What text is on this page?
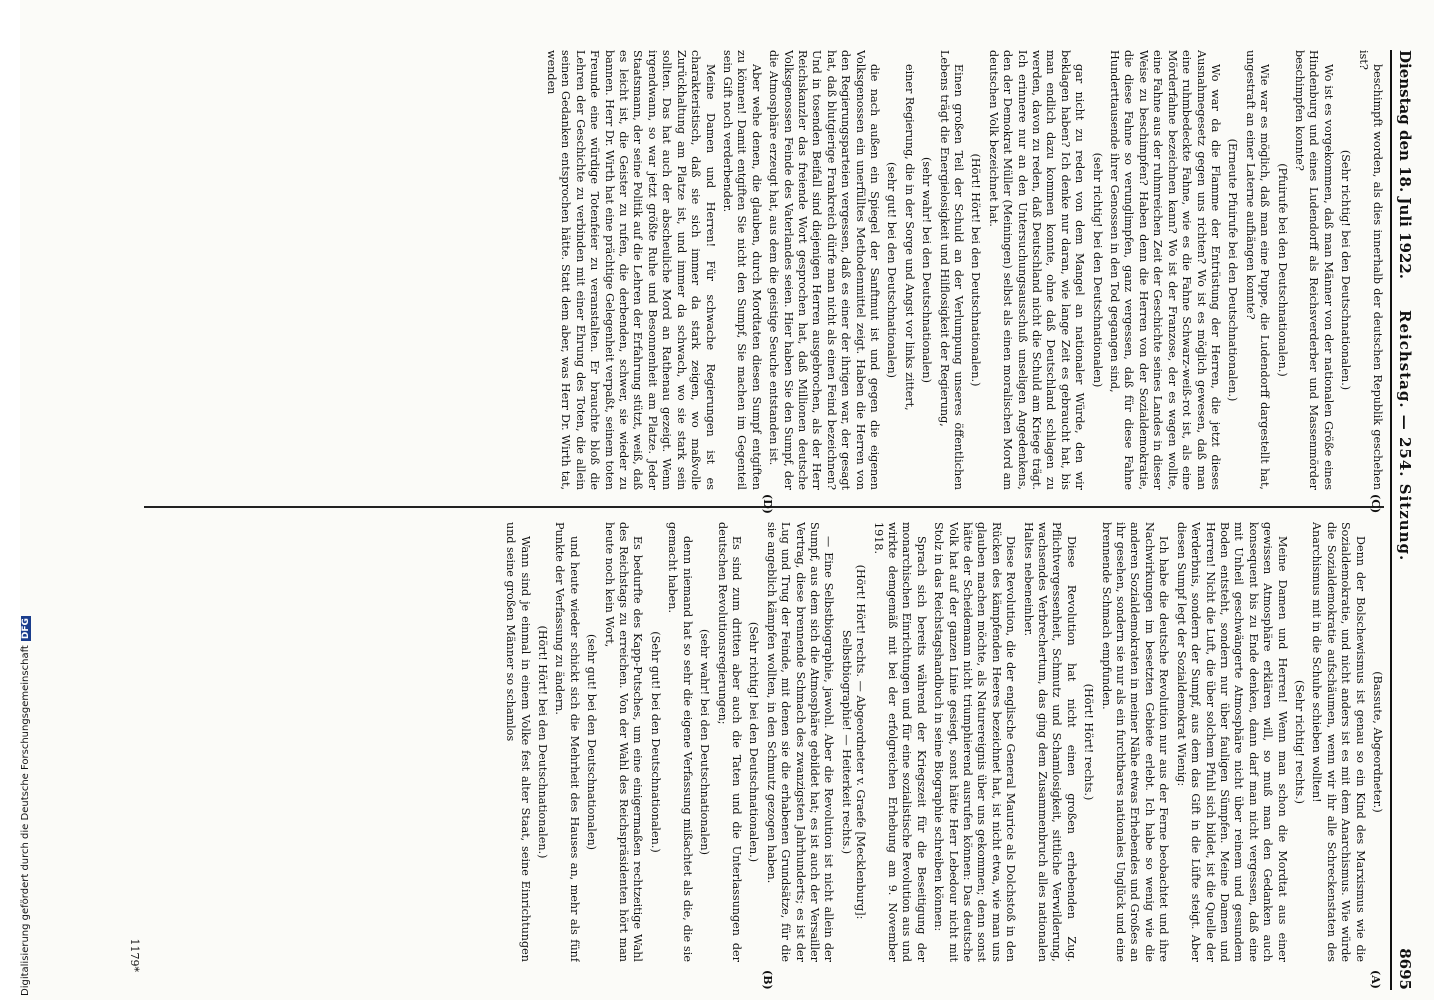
Digitalisierung gefördert durch die Deutsche ForschungsgemeinschaftDFG
Dienstag den 18. Juli 1922.
Reichstag. — 254. Sitzung.
8695

beschimpft worden, als dies innerhalb der deutschen Republik geschehen ist?

(Sehr richtig! bei den Deutschnationalen.)

Wo ist es vorgekommen, daß man Männer von der nationalen Größe eines Hindenburg und eines Ludendorff als Reichsverderber und Massenmörder beschimpfen konnte?

(Pfuirufe bei den Deutschnationalen.)

Wie war es möglich, daß man eine Puppe, die Ludendorff dargestellt hat, ungestraft an einer Laterne aufhängen konnte?

(Erneute Pfuirufe bei den Deutschnationalen.)

Wo war da die Flamme der Entrüstung der Herren, die jetzt dieses Ausnahmegesetz gegen uns richten? Wo ist es möglich gewesen, daß man eine ruhmbedeckte Fahne, wie es die Fahne Schwarz-weiß-rot ist, als eine Mörderfahne bezeichnen kann? Wo ist der Franzose, der es wagen wollte, eine Fahne aus der ruhmreichen Zeit der Geschichte seines Landes in dieser Weise zu beschimpfen? Haben denn die Herren von der Sozialdemokratie, die diese Fahne so verunglimpfen, ganz vergessen, daß für diese Fahne Hunderttausende ihrer Genossen in den Tod gegangen sind,

(sehr richtig! bei den Deutschnationalen)

gar nicht zu reden von dem Mangel an nationaler Würde, den wir beklagen haben? Ich denke nur daran, wie lange Zeit es gebraucht hat, bis man endlich dazu kommen konnte, ohne daß Deutschland schlagen zu werden, davon zu reden, daß Deutschland nicht die Schuld am Kriege trägt. Ich erinnere nur an den Untersuchungsausschuß unseligen Angedenkens, den der Demokrat Müller (Meiningen) selbst als einen moralischen Mord am deutschen Volk bezeichnet hat.

(Hört! Hört! bei den Deutschnationalen.)

Einen großen Teil der Schuld an der Verlumpung unseres öffentlichen Lebens trägt die Energielosigkeit und Hilflosigkeit der Regierung,

(sehr wahr! bei den Deutschnationalen)

einer Regierung, die in der Sorge und Angst vor links zittert,

(sehr gut! bei den Deutschnationalen)

die nach außen ein Spiegel der Sanftmut ist und gegen die eigenen Volksgenossen ein unerfülltes Methodenmittel zeigt. Haben die Herren von den Regierungsparteien vergessen, daß es einer der ihrigen war, der gesagt hat, daß blutgierige Frankreich dürfe man nicht als einen Feind bezeichnen? Und in tosenden Beifall sind diejenigen Herren ausgebrochen, als der Herr Reichskanzler das freiende Wort gesprochen hat, daß Millionen deutsche Volksgenossen Feinde des Vaterlandes seien. Hier haben Sie den Sumpf, der die Atmosphäre erzeugt hat, aus dem die geistige Seuche entstanden ist.

Aber wehe denen, die glauben, durch Mordtaten diesen Sumpf entgiften zu können! Damit entgiften Sie nicht den Sumpf, Sie machen im Gegenteil sein Gift noch verderbender.

Meine Damen und Herren! Für schwache Regierungen ist es charakteristisch, daß sie sich immer da stark zeigen, wo maßvolle Zurückhaltung am Platze ist, und immer da schwach, wo sie stark sein sollten. Das hat auch der abscheuliche Mord an Rathenau gezeigt. Wenn irgendwann, so war jetzt größte Ruhe und Besonnenheit am Platze. Jeder Staatsmann, der seine Politik auf die Lehren der Erfahrung stützt, weiß, daß es leicht ist, die Geister zu rufen, die derbenden, schwer, sie wieder zu bannen. Herr Dr. Wirth hat eine prächtige Gelegenheit verpaßt, seinem toten Freunde eine würdige Totenfeier zu veranstalten. Er brauchte bloß die Lehren der Geschichte zu verbinden mit einer Ehrung des Toten, die allein seinen Gedanken entsprochen hätte. Statt dem aber, was Herr Dr. Wirth tat, wenden

(Bassute, Abgeordneter.)

Denn der Bolschewismus ist genau so ein Kind des Marxismus wie die Sozialdemokratie, und nicht anders ist es mit dem Anarchismus. Wie würde die Sozialdemokratie aufschäumen, wenn wir ihr alle Schreckenstaten des Anarchismus mit in die Schuhe schieben wollten!

(Sehr richtig! rechts.)

Meine Damen und Herren! Wenn man schon die Mordtat aus einer gewissen Atmosphäre erklären will, so muß man den Gedanken auch konsequent bis zu Ende denken, dann darf man nicht vergessen, daß eine mit Unheil geschwängerte Atmosphäre nicht über reinem und gesundem Boden entsteht, sondern nur über fauligen Sümpfen. Meine Damen und Herren! Nicht die Luft, die über solchem Pfuhl sich bildet, ist die Quelle der Verderbnis, sondern der Sumpf, aus dem das Gift in die Lüfte steigt. Aber diesen Sumpf legt der Sozialdemokrat Wienig:

Ich habe die deutsche Revolution nur aus der Ferne beobachtet und ihre Nachwirkungen im besetzten Gebiete erlebt. Ich habe so wenig wie die anderen Sozialdemokraten in meiner Nähe etwas Erhebendes und Großes an ihr gesehen, sondern sie nur als ein furchtbares nationales Unglück und eine brennende Schmach empfunden.

(Hört! Hört! rechts.)

Diese Revolution hat nicht einen großen erhebenden Zug. Pflichtvergessenheit, Schmutz und Schamlosigkeit, sittliche Verwilderung, wachsendes Verbrechertum, das ging dem Zusammenbruch alles nationalen Haltes nebeneinher.

Diese Revolution, die der englische General Maurice als Dolchstoß in den Rücken des kämpfenden Heeres bezeichnet hat, ist nicht etwa, wie man uns glauben machen möchte, als Naturereignis über uns gekommen; denn sonst hätte der Scheidemann nicht triumphierend ausrufen können: Das deutsche Volk hat auf der ganzen Linie gesiegt, sonst hätte Herr Lebedour nicht mit Stolz in das Reichstagshandbuch in seine Biographie schreiben können:

Sprach sich bereits während der Kriegszeit für die Beseitigung der monarchischen Einrichtungen und für eine sozialistische Revolution aus und wirkte demgemäß mit bei der erfolgreichen Erhebung am 9. November 1918.

(Hört! Hört! rechts. — Abgeordneter v. Graefe [Mecklenburg]: Selbstbiographie! — Heiterkeit rechts.)

— Eine Selbstbiographie, jawohl. Aber die Revolution ist nicht allein der Sumpf, aus dem sich die Atmosphäre gebildet hat; es ist auch der Versailler Vertrag, diese brennende Schmach des zwanzigsten Jahrhunderts; es ist der Lug und Trug der Feinde, mit denen sie die erhabenen Grundsätze, für die sie angeblich kämpfen wollten, in den Schmutz gezogen haben.

(Sehr richtig! bei den Deutschnationalen.)

Es sind zum dritten aber auch die Taten und die Unterlassungen der deutschen Revolutionsregierungen;

(sehr wahr! bei den Deutschnationalen)

denn niemand hat so sehr die eigene Verfassung mißachtet als die, die sie gemacht haben.

(Sehr gut! bei den Deutschnationalen.)

Es bedurfte des Kapp-Putsches, um eine einigermaßen rechtzeitige Wahl des Reichstags zu erreichen. Von der Wahl des Reichspräsidenten hört man heute noch kein Wort,

(sehr gut! bei den Deutschnationalen)

und heute wieder schickt sich die Mehrheit des Hauses an, mehr als fünf Punkte der Verfassung zu ändern.

(Hört! Hört! bei den Deutschnationalen.)

Wann sind je einmal in einem Volke fest alter Staat, seine Einrichtungen und seine großen Männer so schamlos

(C)
(D)
(A)
(B)
1179*
